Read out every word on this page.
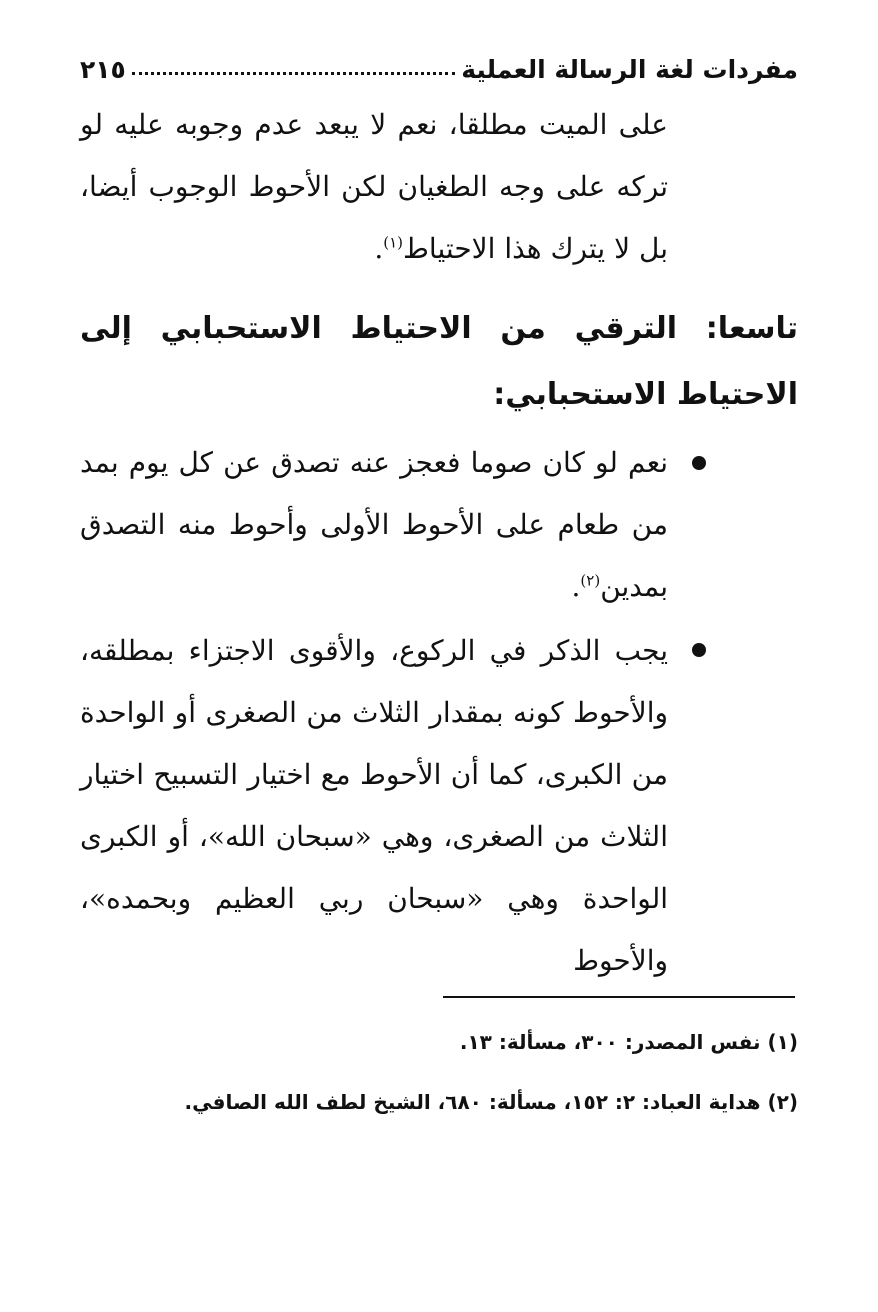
مفردات لغة الرسالة العملية
٢١٥

على الميت مطلقا، نعم لا يبعد عدم وجوبه عليه لو تركه على وجه الطغيان لكن الأحوط الوجوب أيضا، بل لا يترك هذا الاحتياط$^{(١)}$.

تاسعا: الترقي من الاحتياط الاستحبابي إلى الاحتياط الاستحبابي:

نعم لو كان صوما فعجز عنه تصدق عن كل يوم بمد من طعام على الأحوط الأولى وأحوط منه التصدق بمدين$^{(٢)}$.

يجب الذكر في الركوع، والأقوى الاجتزاء بمطلقه، والأحوط كونه بمقدار الثلاث من الصغرى أو الواحدة من الكبرى، كما أن الأحوط مع اختيار التسبيح اختيار الثلاث من الصغرى، وهي «سبحان الله»، أو الكبرى الواحدة وهي «سبحان ربي العظيم وبحمده»، والأحوط

(١) نفس المصدر: ٣٠٠، مسألة: ١٣.
(٢) هداية العباد: ٢: ١٥٢، مسألة: ٦٨٠، الشيخ لطف الله الصافي.
